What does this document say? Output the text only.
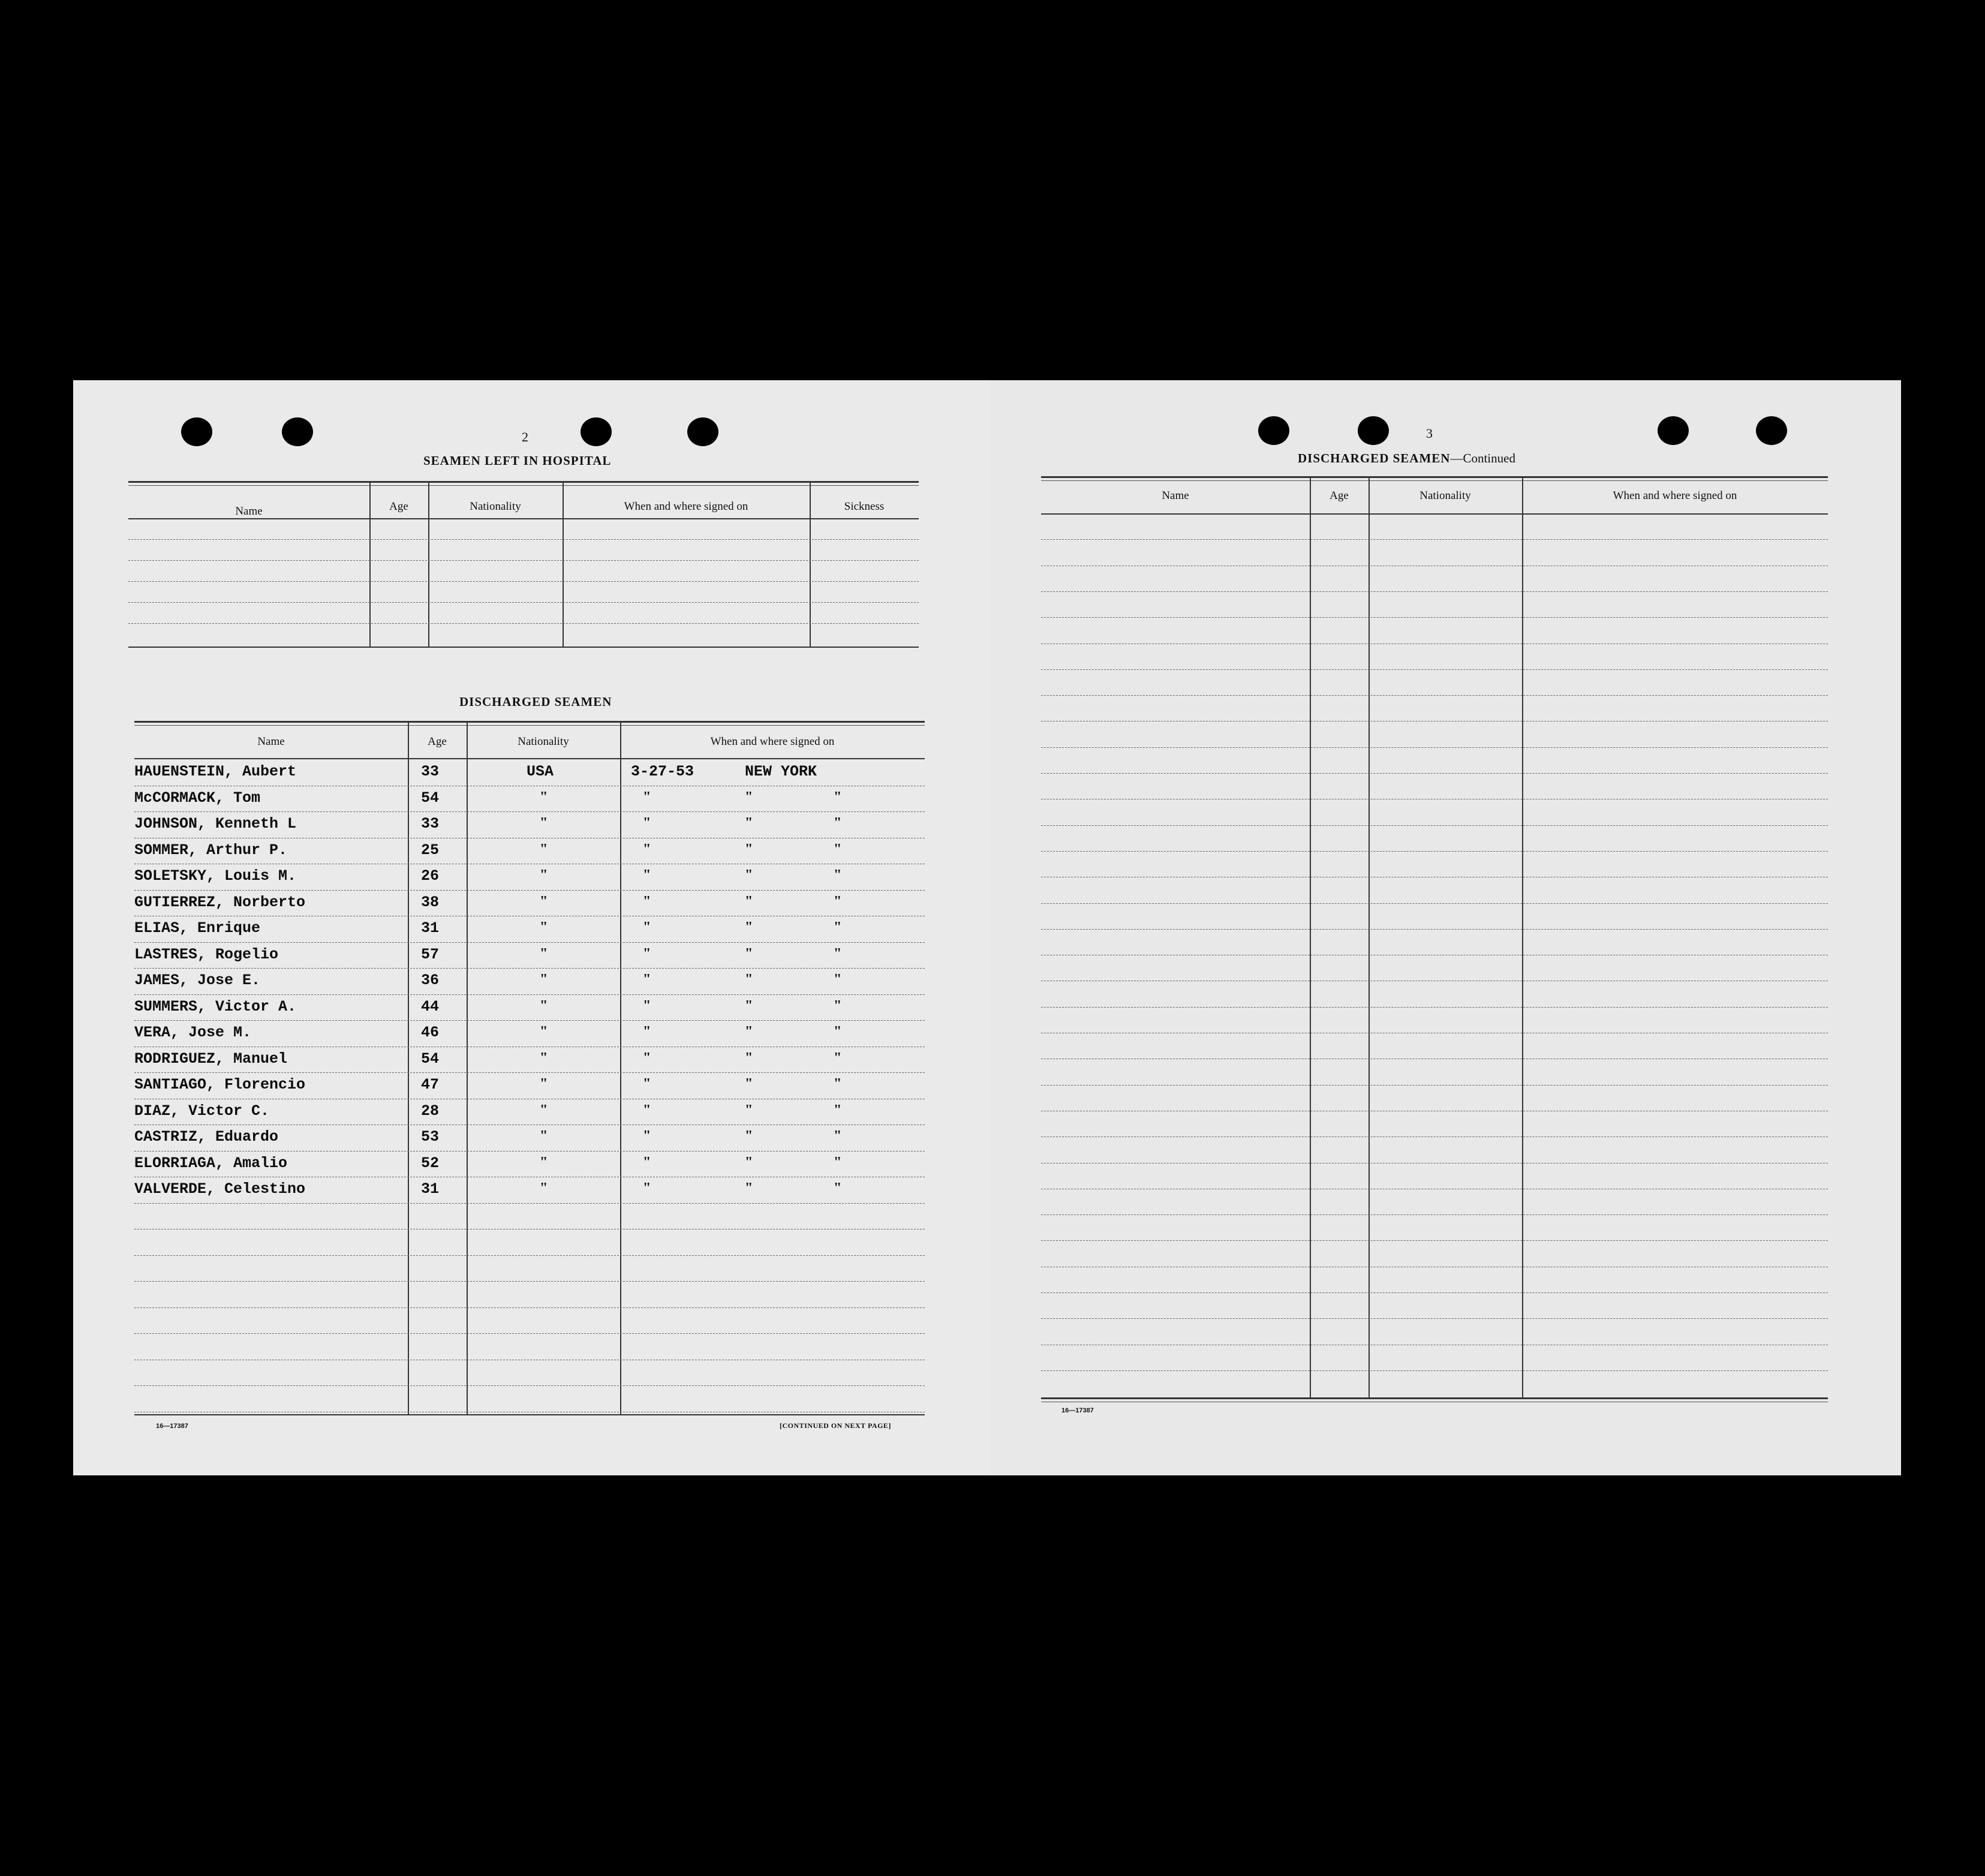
2
SEAMEN LEFT IN HOSPITAL
Name	Age	Nationality	When and where signed on	Sickness
DISCHARGED SEAMEN
Name	Age	Nationality	When and where signed on
HAUENSTEIN, Aubert	33	USA	3-27-53	NEW YORK
McCORMACK, Tom	54	"	"	"	"
JOHNSON, Kenneth L	33	"	"	"	"
SOMMER, Arthur P.	25	"	"	"	"
SOLETSKY, Louis M.	26	"	"	"	"
GUTIERREZ, Norberto	38	"	"	"	"
ELIAS, Enrique	31	"	"	"	"
LASTRES, Rogelio	57	"	"	"	"
JAMES, Jose E.	36	"	"	"	"
SUMMERS, Victor A.	44	"	"	"	"
VERA, Jose M.	46	"	"	"	"
RODRIGUEZ, Manuel	54	"	"	"	"
SANTIAGO, Florencio	47	"	"	"	"
DIAZ, Victor C.	28	"	"	"	"
CASTRIZ, Eduardo	53	"	"	"	"
ELORRIAGA, Amalio	52	"	"	"	"
VALVERDE, Celestino	31	"	"	"	"
16—17387	[CONTINUED ON NEXT PAGE]
3
DISCHARGED SEAMEN—Continued
Name	Age	Nationality	When and where signed on
16—17387
